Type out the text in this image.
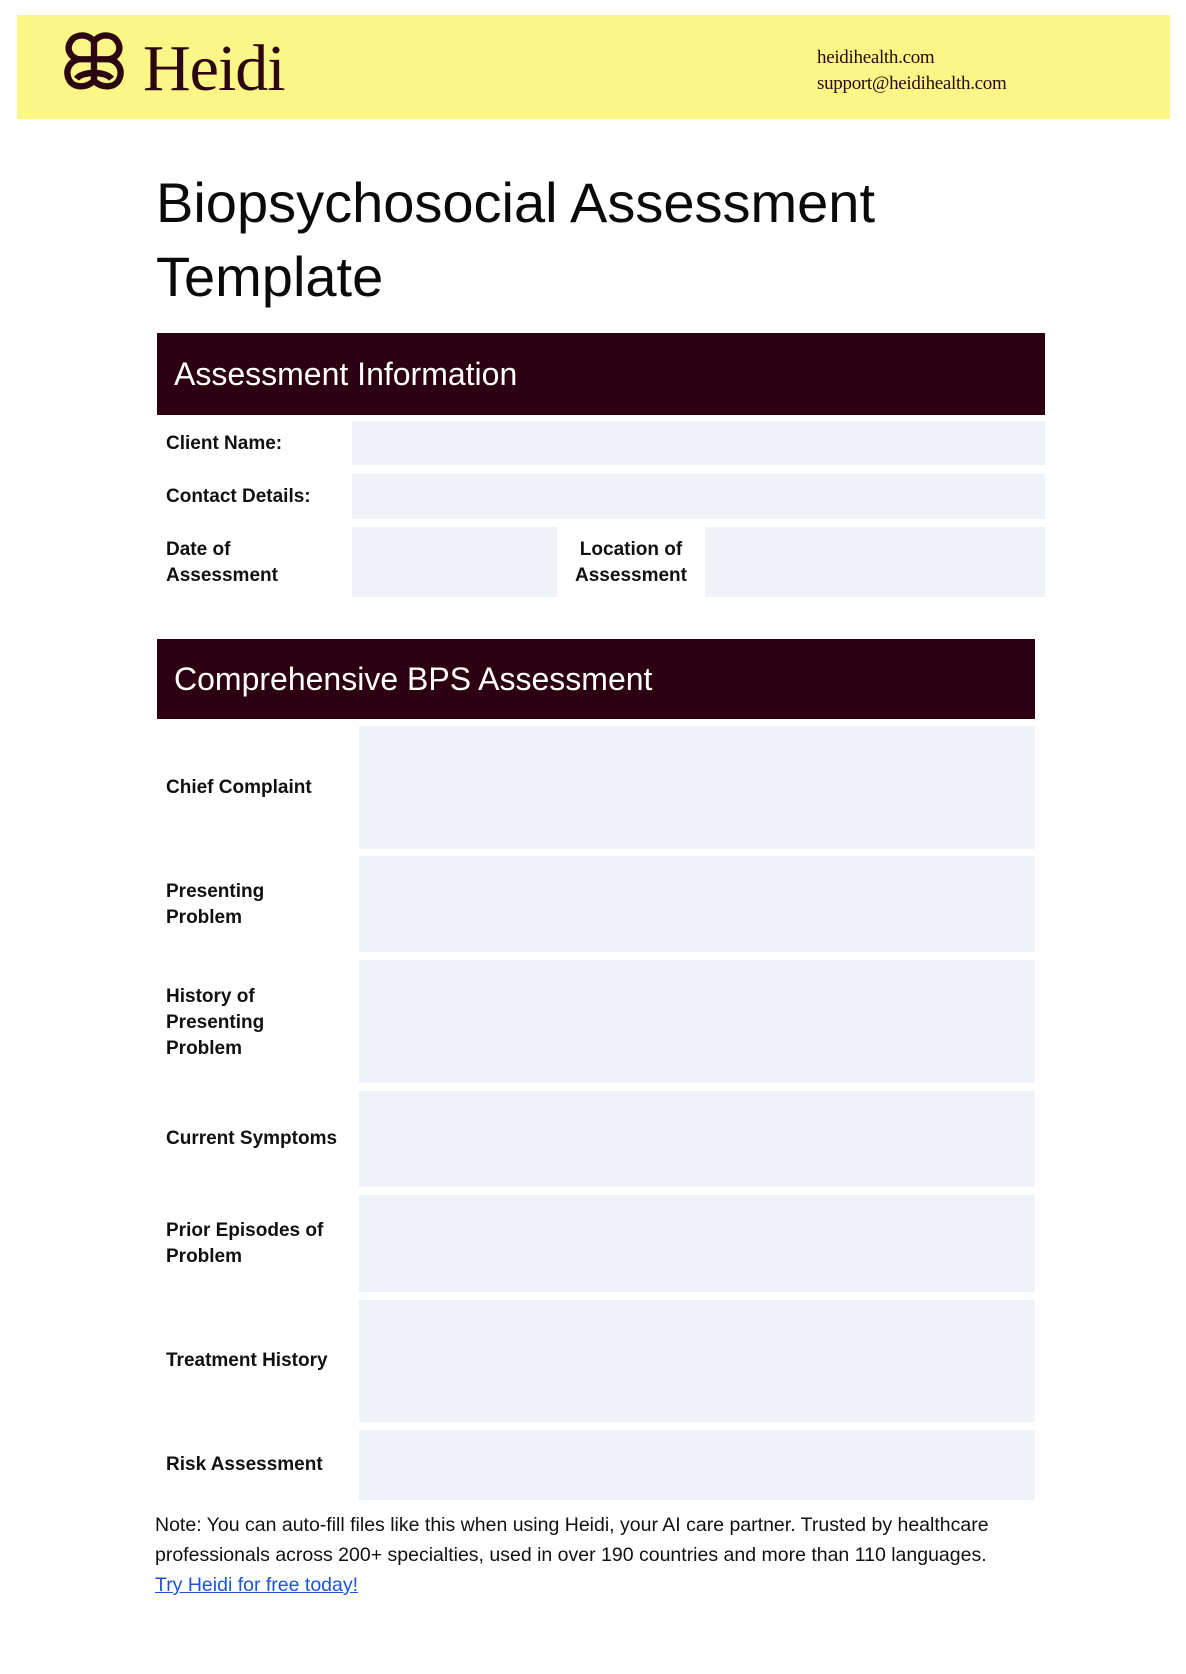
Heidi	heidihealth.com
support@heidihealth.com
Biopsychosocial Assessment Template
Assessment Information
Client Name:
Contact Details:
Date of Assessment
Location of Assessment
Comprehensive BPS Assessment
Chief Complaint
Presenting Problem
History of Presenting Problem
Current Symptoms
Prior Episodes of Problem
Treatment History
Risk Assessment
Note: You can auto-fill files like this when using Heidi, your AI care partner. Trusted by healthcare professionals across 200+ specialties, used in over 190 countries and more than 110 languages.
Try Heidi for free today!
